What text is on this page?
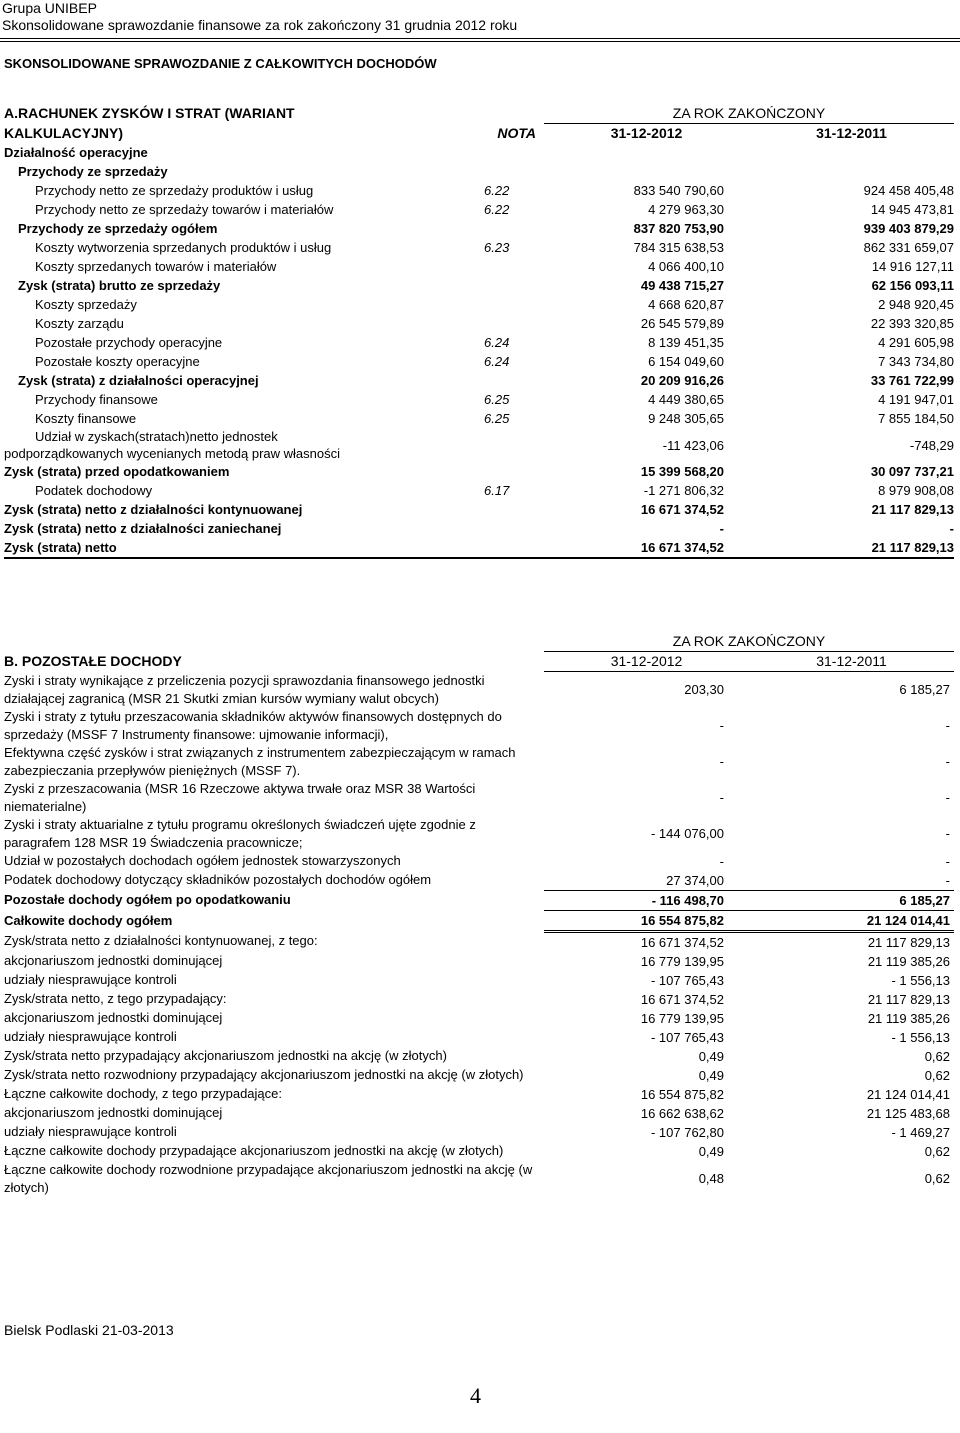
Grupa UNIBEP
Skonsolidowane sprawozdanie finansowe za rok zakończony 31 grudnia 2012 roku
SKONSOLIDOWANE SPRAWOZDANIE Z CAŁKOWITYCH DOCHODÓW
A.RACHUNEK ZYSKÓW I STRAT (WARIANT		ZA ROK ZAKOŃCZONY	
KALKULACYJNY)	NOTA	31-12-2012	31-12-2011
Działalność operacyjne			
Przychody ze sprzedaży			
Przychody netto ze sprzedaży produktów i usług	6.22	833 540 790,60	924 458 405,48
Przychody netto ze sprzedaży towarów i materiałów	6.22	4 279 963,30	14 945 473,81
Przychody ze sprzedaży ogółem		837 820 753,90	939 403 879,29
Koszty wytworzenia sprzedanych produktów i usług	6.23	784 315 638,53	862 331 659,07
Koszty sprzedanych towarów i materiałów		4 066 400,10	14 916 127,11
Zysk (strata) brutto ze sprzedaży		49 438 715,27	62 156 093,11
Koszty sprzedaży		4 668 620,87	2 948 920,45
Koszty zarządu		26 545 579,89	22 393 320,85
Pozostałe przychody operacyjne	6.24	8 139 451,35	4 291 605,98
Pozostałe koszty operacyjne	6.24	6 154 049,60	7 343 734,80
Zysk (strata) z działalności operacyjnej		20 209 916,26	33 761 722,99
Przychody finansowe	6.25	4 449 380,65	4 191 947,01
Koszty finansowe	6.25	9 248 305,65	7 855 184,50

Udział w zyskach(stratach)netto jednostek
podporządkowanych wycenianych metodą praw własności		-11 423,06	-748,29
Zysk (strata) przed opodatkowaniem		15 399 568,20	30 097 737,21
Podatek dochodowy	6.17	-1 271 806,32	8 979 908,08
Zysk (strata) netto z działalności kontynuowanej		16 671 374,52	21 117 829,13
Zysk (strata) netto z działalności zaniechanej		-	-
Zysk (strata) netto		16 671 374,52	21 117 829,13
	ZA ROK ZAKOŃCZONY	
B. POZOSTAŁE DOCHODY	31-12-2012	31-12-2011
Zyski i straty wynikające z przeliczenia pozycji sprawozdania finansowego jednostki działającej zagranicą (MSR 21 Skutki zmian kursów wymiany walut obcych)	203,30	6 185,27
Zyski i straty z tytułu przeszacowania składników aktywów finansowych dostępnych do sprzedaży (MSSF 7 Instrumenty finansowe: ujmowanie informacji),	-	-
Efektywna część zysków i strat związanych z instrumentem zabezpieczającym w ramach zabezpieczania przepływów pieniężnych (MSSF 7).	-	-
Zyski z przeszacowania (MSR 16 Rzeczowe aktywa trwałe oraz MSR 38 Wartości niematerialne)	-	-
Zyski i straty aktuarialne z tytułu programu określonych świadczeń ujęte zgodnie z paragrafem 128 MSR 19 Świadczenia pracownicze;	- 144 076,00	-
Udział w pozostałych dochodach ogółem jednostek stowarzyszonych	-	-
Podatek dochodowy dotyczący składników pozostałych dochodów ogółem	27 374,00	-
Pozostałe dochody ogółem po opodatkowaniu	- 116 498,70	6 185,27
Całkowite dochody ogółem	16 554 875,82	21 124 014,41
Zysk/strata netto z działalności kontynuowanej, z tego:	16 671 374,52	21 117 829,13
akcjonariuszom jednostki dominującej	16 779 139,95	21 119 385,26
udziały niesprawujące kontroli	- 107 765,43	- 1 556,13
Zysk/strata netto, z tego przypadający:	16 671 374,52	21 117 829,13
akcjonariuszom jednostki dominującej	16 779 139,95	21 119 385,26
udziały niesprawujące kontroli	- 107 765,43	- 1 556,13
Zysk/strata netto przypadający akcjonariuszom jednostki na akcję (w złotych)	0,49	0,62
Zysk/strata netto rozwodniony przypadający akcjonariuszom jednostki na akcję (w złotych)	0,49	0,62
Łączne całkowite dochody, z tego przypadające:	16 554 875,82	21 124 014,41
akcjonariuszom jednostki dominującej	16 662 638,62	21 125 483,68
udziały niesprawujące kontroli	- 107 762,80	- 1 469,27
Łączne całkowite dochody przypadające akcjonariuszom jednostki na akcję (w złotych)	0,49	0,62
Łączne całkowite dochody rozwodnione przypadające akcjonariuszom jednostki na akcję (w złotych)	0,48	0,62
Bielsk Podlaski 21-03-2013
4
